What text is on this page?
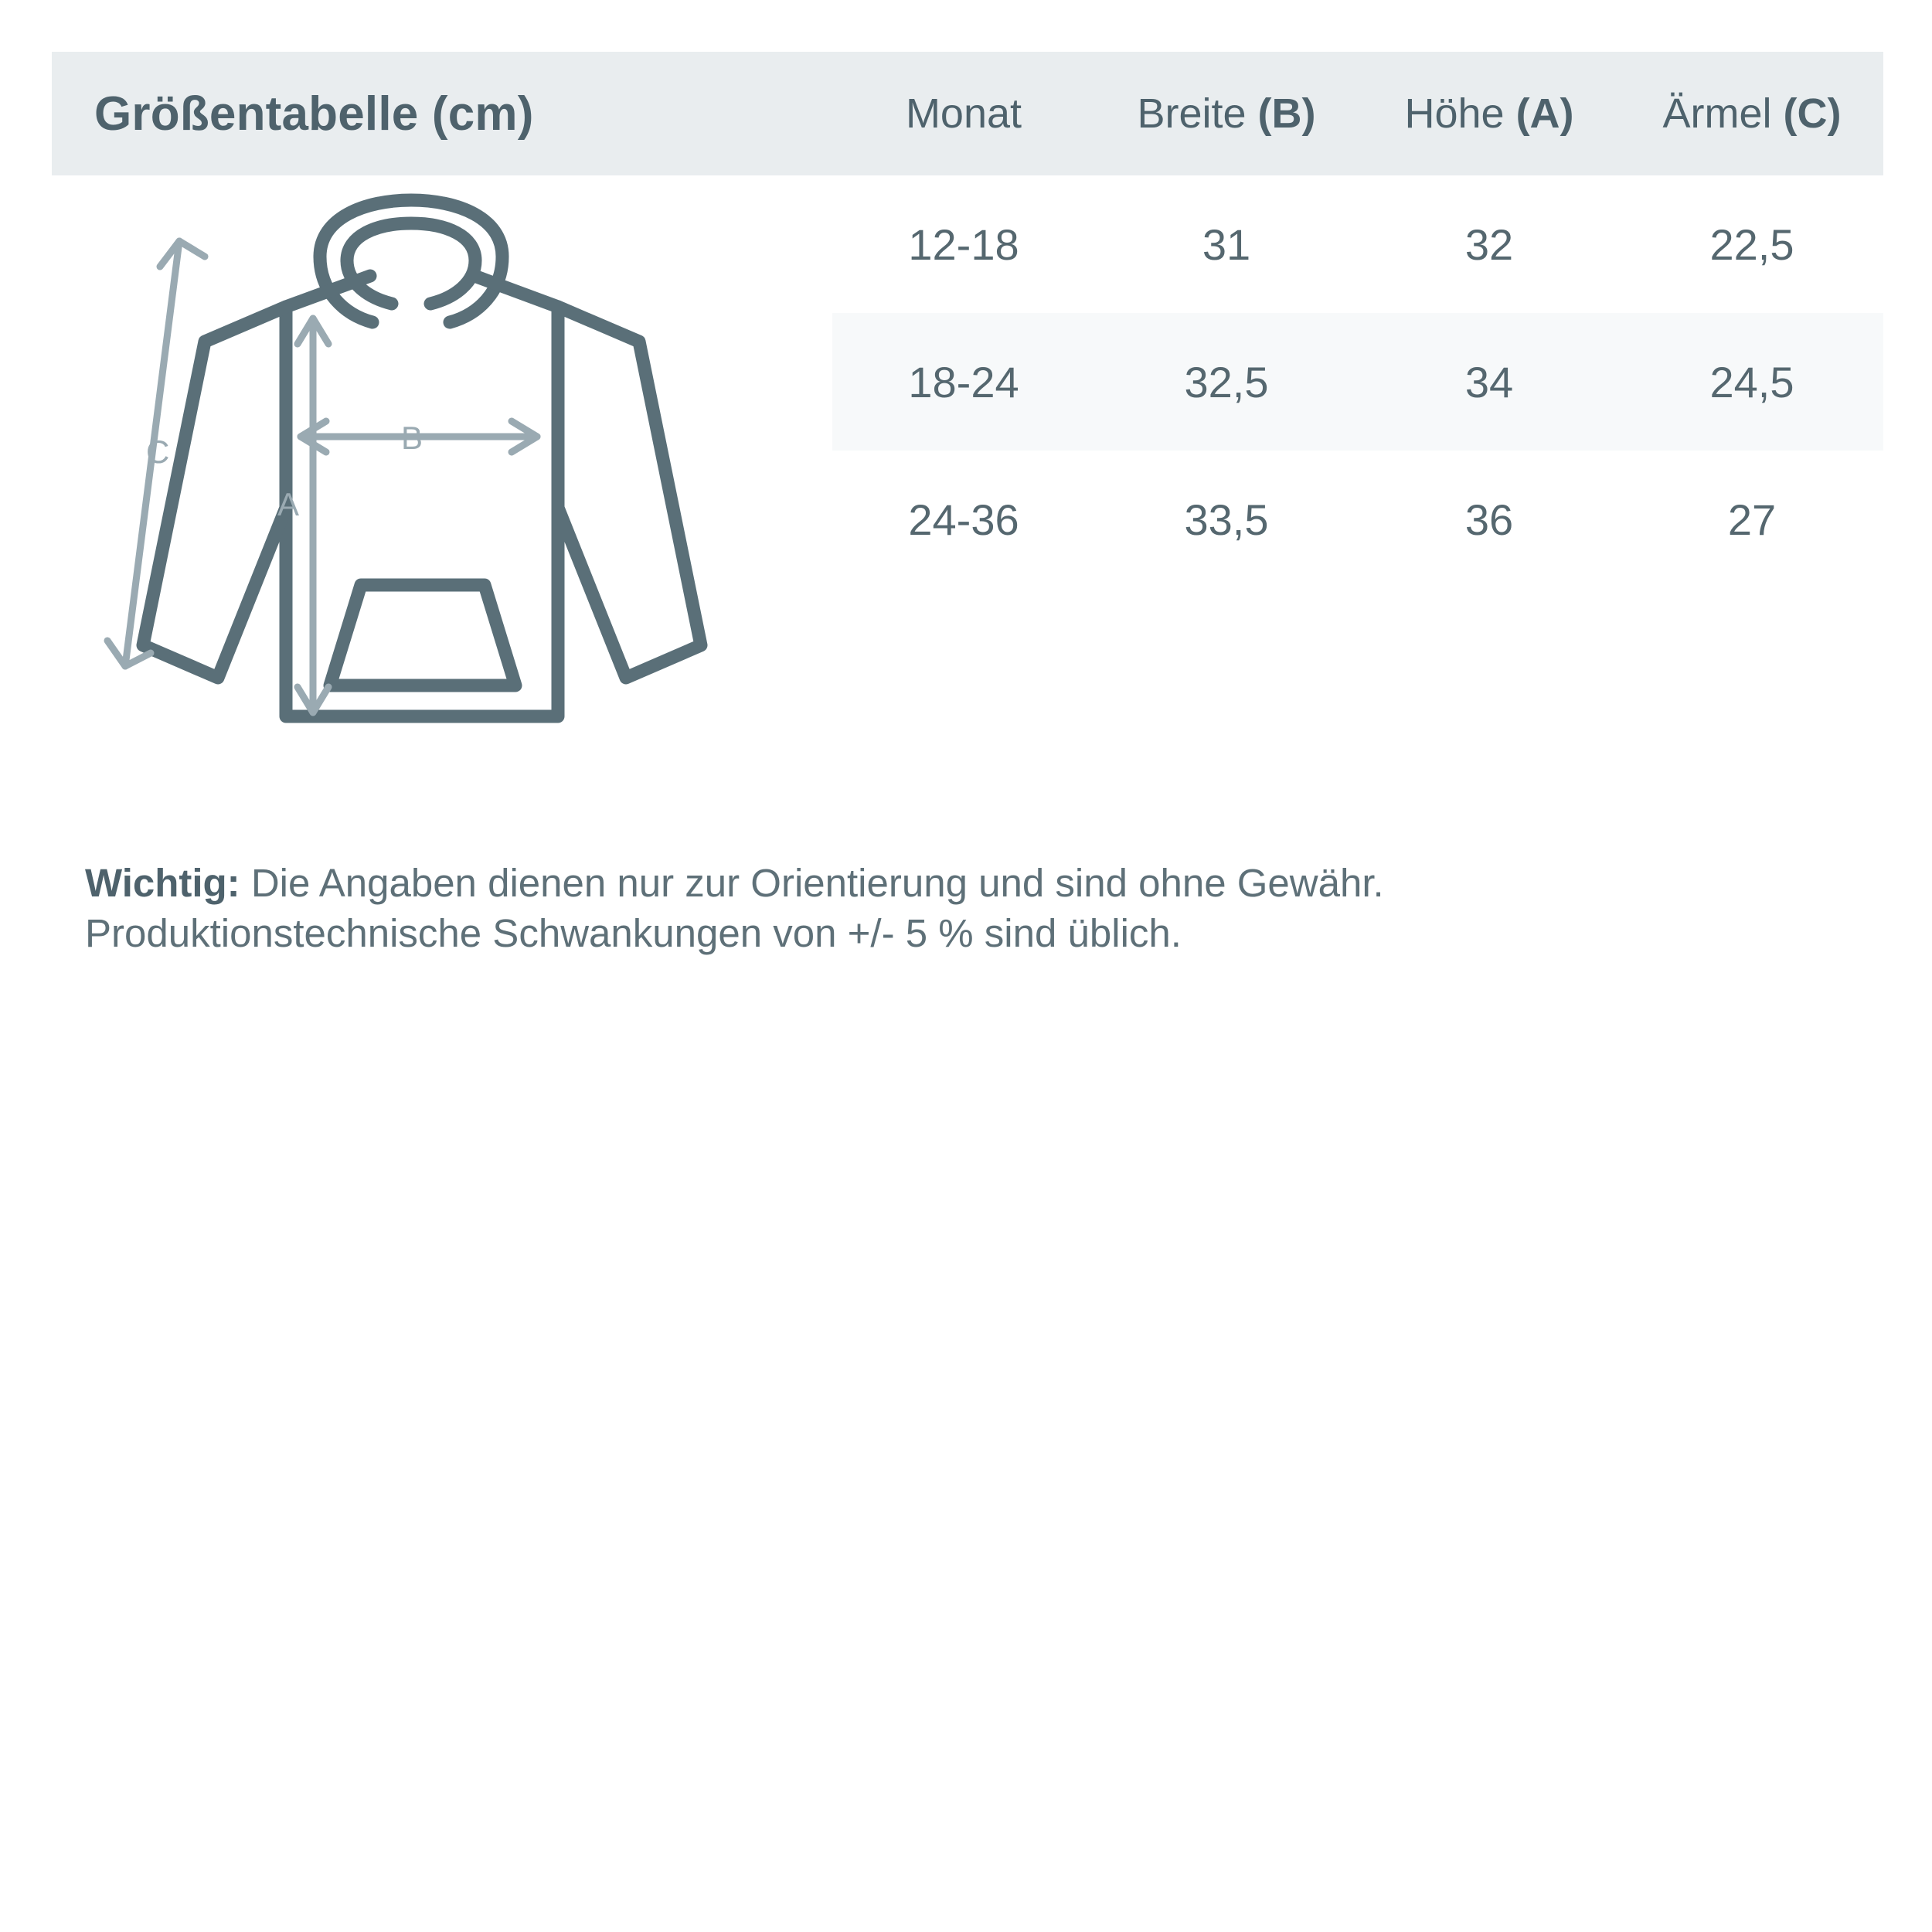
Größentabelle (cm)	Monat	Breite (B)	Höhe (A)	Ärmel (C)
C
A
B
12-18	31	32	22,5
18-24	32,5	34	24,5
24-36	33,5	36	27
Wichtig: Die Angaben dienen nur zur Orientierung und sind ohne Gewähr.
Produktionstechnische Schwankungen von +/- 5 % sind üblich.
